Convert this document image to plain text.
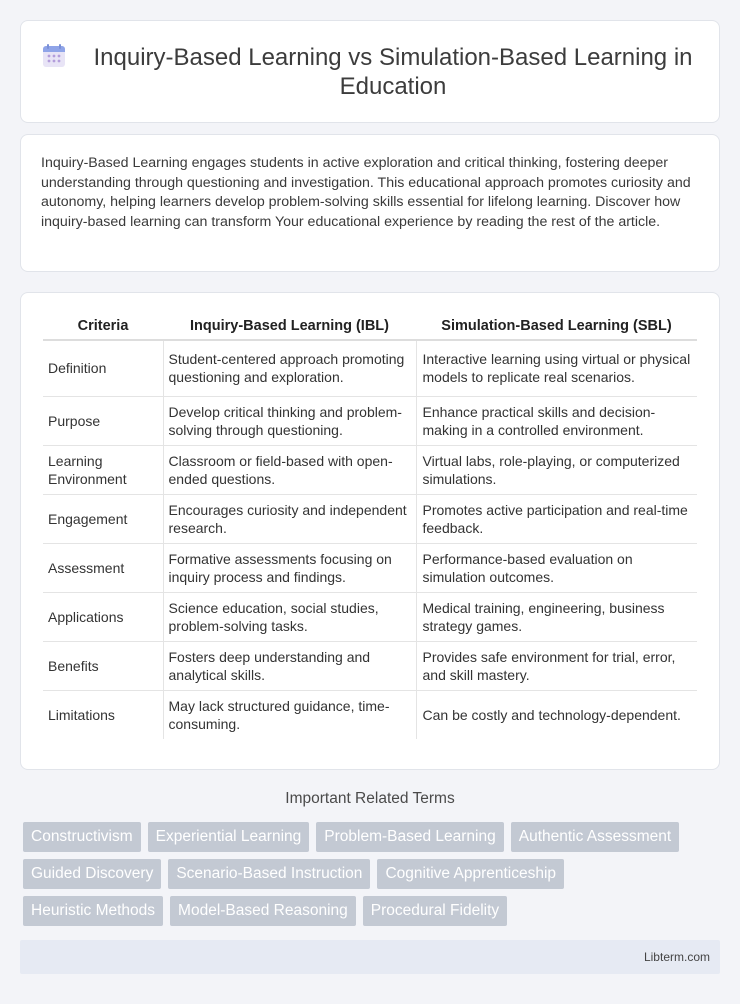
Inquiry-Based Learning vs Simulation-Based Learning in Education

Inquiry-Based Learning engages students in active exploration and critical thinking, fostering deeper understanding through questioning and investigation. This educational approach promotes curiosity and autonomy, helping learners develop problem-solving skills essential for lifelong learning. Discover how inquiry-based learning can transform Your educational experience by reading the rest of the article.

Criteria	Inquiry-Based Learning (IBL)	Simulation-Based Learning (SBL)
Definition	Student-centered approach promoting questioning and exploration.	Interactive learning using virtual or physical models to replicate real scenarios.
Purpose	Develop critical thinking and problem-solving through questioning.	Enhance practical skills and decision-making in a controlled environment.
Learning Environment	Classroom or field-based with open-ended questions.	Virtual labs, role-playing, or computerized simulations.
Engagement	Encourages curiosity and independent research.	Promotes active participation and real-time feedback.
Assessment	Formative assessments focusing on inquiry process and findings.	Performance-based evaluation on simulation outcomes.
Applications	Science education, social studies, problem-solving tasks.	Medical training, engineering, business strategy games.
Benefits	Fosters deep understanding and analytical skills.	Provides safe environment for trial, error, and skill mastery.
Limitations	May lack structured guidance, time-consuming.	Can be costly and technology-dependent.
Important Related Terms
Constructivism	Experiential Learning	Problem-Based Learning	Authentic Assessment
Guided Discovery	Scenario-Based Instruction	Cognitive Apprenticeship
Heuristic Methods	Model-Based Reasoning	Procedural Fidelity
Libterm.com
